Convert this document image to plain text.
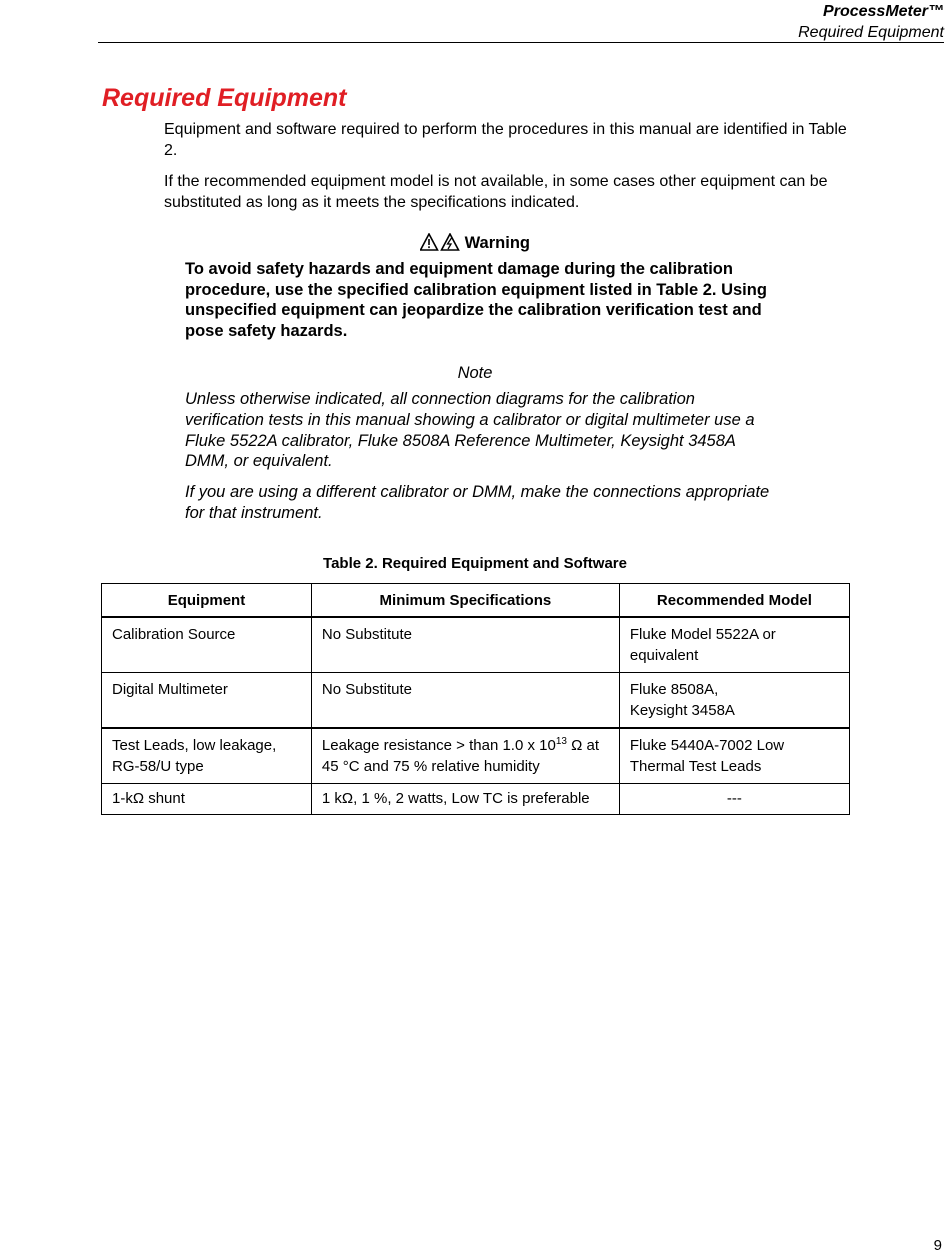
ProcessMeter™
Required Equipment
Required Equipment

Equipment and software required to perform the procedures in this manual are identified in Table 2.

If the recommended equipment model is not available, in some cases other equipment can be substituted as long as it meets the specifications indicated.

Warning

To avoid safety hazards and equipment damage during the calibration procedure, use the specified calibration equipment listed in Table 2. Using unspecified equipment can jeopardize the calibration verification test and pose safety hazards.

Note

Unless otherwise indicated, all connection diagrams for the calibration verification tests in this manual showing a calibrator or digital multimeter use a Fluke 5522A calibrator, Fluke 8508A Reference Multimeter, Keysight 3458A DMM, or equivalent.

If you are using a different calibrator or DMM, make the connections appropriate for that instrument.

Table 2. Required Equipment and Software
Equipment	Minimum Specifications	Recommended Model
Calibration Source	No Substitute	Fluke Model 5522A or equivalent
Digital Multimeter	No Substitute	Fluke 8508A,
Keysight 3458A
Test Leads, low leakage, RG-58/U type	Leakage resistance > than 1.0 x $10^{13}$ Ω at 45 °C and 75 % relative humidity	Fluke 5440A-7002 Low Thermal Test Leads
1-kΩ shunt	1 kΩ, 1 %, 2 watts, Low TC is preferable	---
9
